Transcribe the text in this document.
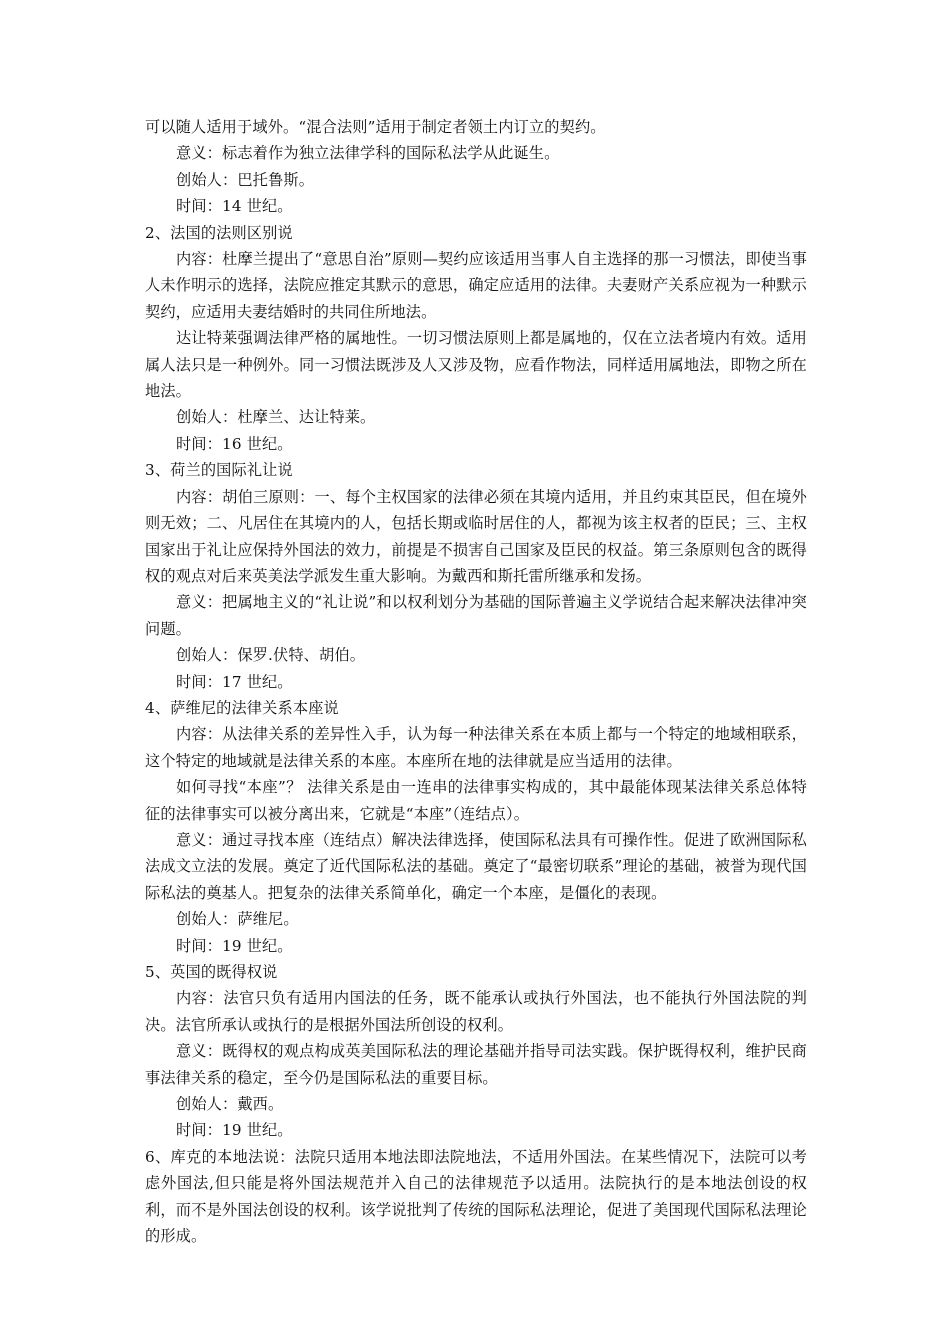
可以随人适用于域外。“混合法则”适用于制定者领土内订立的契约。

意义：标志着作为独立法律学科的国际私法学从此诞生。

创始人：巴托鲁斯。

时间：14 世纪。

2、法国的法则区别说

内容：杜摩兰提出了“意思自治”原则—契约应该适用当事人自主选择的那一习惯法，即使当事人未作明示的选择，法院应推定其默示的意思，确定应适用的法律。夫妻财产关系应视为一种默示契约，应适用夫妻结婚时的共同住所地法。

达让特莱强调法律严格的属地性。一切习惯法原则上都是属地的，仅在立法者境内有效。适用属人法只是一种例外。同一习惯法既涉及人又涉及物，应看作物法，同样适用属地法，即物之所在地法。

创始人：杜摩兰、达让特莱。

时间：16 世纪。

3、荷兰的国际礼让说

内容：胡伯三原则：一、每个主权国家的法律必须在其境内适用，并且约束其臣民，但在境外则无效；二、凡居住在其境内的人，包括长期或临时居住的人，都视为该主权者的臣民；三、主权国家出于礼让应保持外国法的效力，前提是不损害自己国家及臣民的权益。第三条原则包含的既得权的观点对后来英美法学派发生重大影响。为戴西和斯托雷所继承和发扬。

意义：把属地主义的“礼让说”和以权利划分为基础的国际普遍主义学说结合起来解决法律冲突问题。

创始人：保罗.伏特、胡伯。

时间：17 世纪。

4、萨维尼的法律关系本座说

内容：从法律关系的差异性入手，认为每一种法律关系在本质上都与一个特定的地域相联系，这个特定的地域就是法律关系的本座。本座所在地的法律就是应当适用的法律。

如何寻找“本座”？ 法律关系是由一连串的法律事实构成的，其中最能体现某法律关系总体特征的法律事实可以被分离出来，它就是“本座”（连结点）。

意义：通过寻找本座（连结点）解决法律选择，使国际私法具有可操作性。促进了欧洲国际私法成文立法的发展。奠定了近代国际私法的基础。奠定了“最密切联系”理论的基础，被誉为现代国际私法的奠基人。把复杂的法律关系简单化，确定一个本座，是僵化的表现。

创始人：萨维尼。

时间：19 世纪。

5、英国的既得权说

内容：法官只负有适用内国法的任务，既不能承认或执行外国法，也不能执行外国法院的判决。法官所承认或执行的是根据外国法所创设的权利。

意义：既得权的观点构成英美国际私法的理论基础并指导司法实践。保护既得权利，维护民商事法律关系的稳定，至今仍是国际私法的重要目标。

创始人：戴西。

时间：19 世纪。

6、库克的本地法说：法院只适用本地法即法院地法，不适用外国法。在某些情况下，法院可以考虑外国法,但只能是将外国法规范并入自己的法律规范予以适用。法院执行的是本地法创设的权利，而不是外国法创设的权利。该学说批判了传统的国际私法理论，促进了美国现代国际私法理论的形成。
